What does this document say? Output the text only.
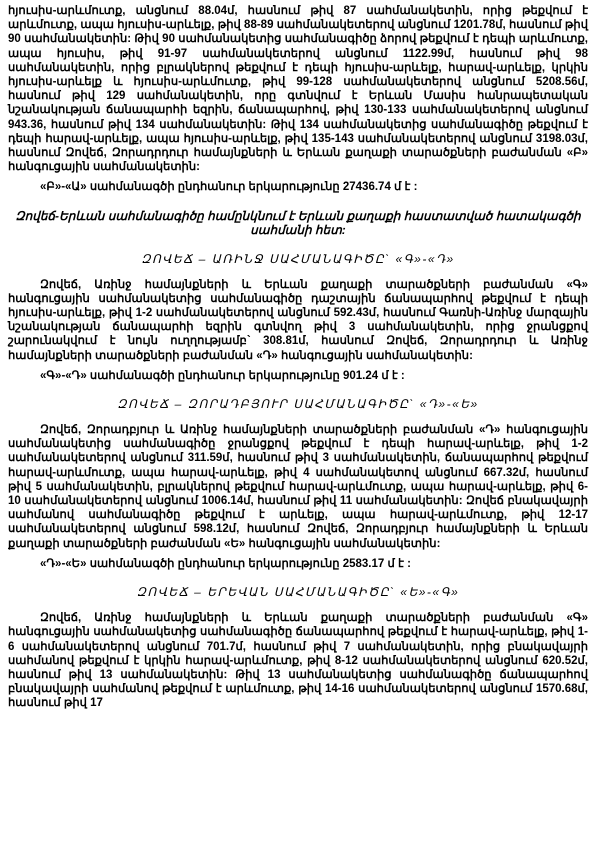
հյուսիս-արևմուտք, անցնում 88.04մ, հասնում թիվ 87 սահմանակետին, որից թեքվում է արևմուտք, ապա հյուսիս-արևելք, թիվ 88-89 սահմանակետերով անցնում 1201.78մ, հասնում թիվ 90 սահմանակետին: Թիվ 90 սահմանակետից սահմանագիծը ձորով թեքվում է դեպի արևմուտք, ապա հյուսիս, թիվ 91-97 սահմանակետերով անցնում 1122.99մ, հասնում թիվ 98 սահմանակետին, որից բլրակներով թեքվում է դեպի հյուսիս-արևելք, հարավ-արևելք, կրկին հյուսիս-արևելք և հյուսիս-արևմուտք, թիվ 99-128 սահմանակետերով անցնում 5208.56մ, հասնում թիվ 129 սահմանակետին, որը գտնվում է Երևան Մասիս հանրապետական նշանակության ճանապարհի եզրին, ճանապարհով, թիվ 130-133 սահմանակետերով անցնում 943.36, հասնում թիվ 134 սահմանակետին: Թիվ 134 սահմանակետից սահմանագիծը թեքվում է դեպի հարավ-արևելք, ապա հյուսիս-արևելք, թիվ 135-143 սահմանակետերով անցնում 3198.03մ, հասնում Զովեճ, Զորադրդուր համայնքների և Երևան քաղաքի տարածքների բաժանման «Բ» հանգուցային սահմանակետին:

«Բ»-«Ա» սահմանագծի ընդհանուր երկարությունը 27436.74 մ է :

Զովեճ-Երևան սահմանագիծը համընկնում է Երևան քաղաքի հաստատված հատակագծի սահմանի հետ:

ԶՈՎԵՃ – ԱՌԻՆՋ ՍԱՀՄԱՆԱԳԻԾԸ` «Գ»-«Դ»

Զովեճ, Առինջ համայնքների և Երևան քաղաքի տարածքների բաժանման «Գ» հանգուցային սահմանակետից սահմանագիծը դաշտային ճանապարհով թեքվում է դեպի հյուսիս-արևելք, թիվ 1-2 սահմանակետերով անցնում 592.43մ, հասնում Գառնի-Առինջ մարզային նշանակության ճանապարհի եզրին գտնվող թիվ 3 սահմանակետին, որից ջրանցքով շարունակվում է նույն ուղղությամբ` 308.81մ, հասնում Զովեճ, Զորադրդուր և Առինջ համայնքների տարածքների բաժանման «Դ» հանգուցային սահմանակետին:

«Գ»-«Դ» սահմանագծի ընդհանուր երկարությունը 901.24 մ է :

ԶՈՎԵՃ – ԶՈՐԱԴԲՅՈՒՐ ՍԱՀՄԱՆԱԳԻԾԸ` «Դ»-«Ե»

Զովեճ, Զորադբյուր և Առինջ համայնքների տարածքների բաժանման «Դ» հանգուցային սահմանակետից սահմանագիծը ջրանցքով թեքվում է դեպի հարավ-արևելք, թիվ 1-2 սահմանակետերով անցնում 311.59մ, հասնում թիվ 3 սահմանակետին, ճանապարհով թեքվում հարավ-արևմուտք, ապա հարավ-արևելք, թիվ 4 սահմանակետով անցնում 667.32մ, հասնում թիվ 5 սահմանակետին, բլրակներով թեքվում հարավ-արևմուտք, ապա հարավ-արևելք, թիվ 6-10 սահմանակետերով անցնում 1006.14մ, հասնում թիվ 11 սահմանակետին: Զովեճ բնակավայրի սահմանով սահմանագիծը թեքվում է արևելք, ապա հարավ-արևմուտք, թիվ 12-17 սահմանակետերով անցնում 598.12մ, հասնում Զովեճ, Զորադբյուր համայնքների և Երևան քաղաքի տարածքների բաժանման «Ե» հանգուցային սահմանակետին:

«Դ»-«Ե» սահմանագծի ընդհանուր երկարությունը 2583.17 մ է :

ԶՈՎԵՃ – ԵՐԵՎԱՆ ՍԱՀՄԱՆԱԳԻԾԸ` «Ե»-«Գ»

Զովեճ, Առինջ համայնքների և Երևան քաղաքի տարածքների բաժանման «Գ» հանգուցային սահմանակետից սահմանագիծը ճանապարհով թեքվում է հարավ-արևելք, թիվ 1-6 սահմանակետերով անցնում 701.7մ, հասնում թիվ 7 սահմանակետին, որից բնակավայրի սահմանով թեքվում է կրկին հարավ-արևմուտք, թիվ 8-12 սահմանակետերով անցնում 620.52մ, հասնում թիվ 13 սահմանակետին: Թիվ 13 սահմանակետից սահմանագիծը ճանապարհով բնակավայրի սահմանով թեքվում է արևմուտք, թիվ 14-16 սահմանակետերով անցնում 1570.68մ, հասնում թիվ 17
